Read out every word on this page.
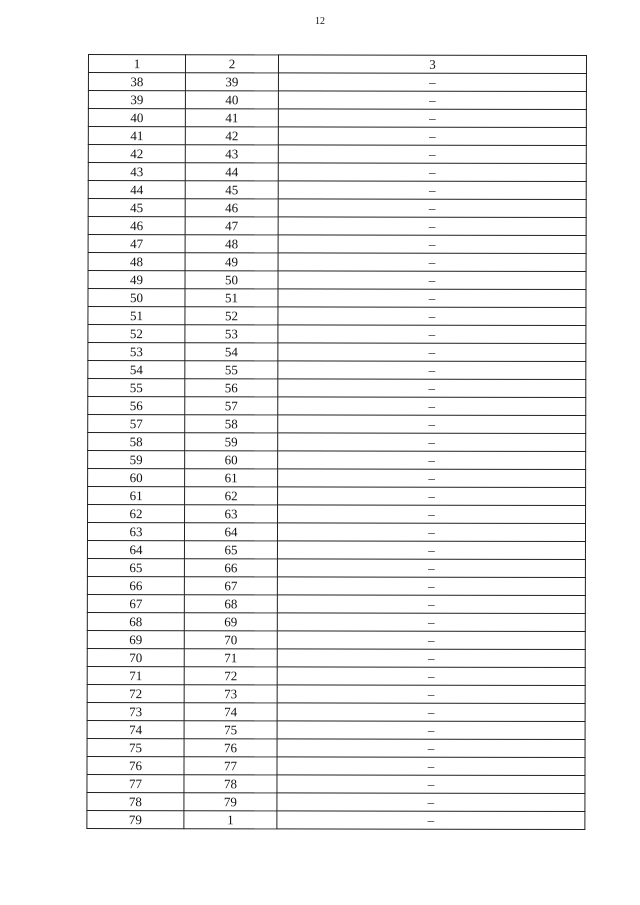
12
1	2	3
38	39	–
39	40	–
40	41	–
41	42	–
42	43	–
43	44	–
44	45	–
45	46	–
46	47	–
47	48	–
48	49	–
49	50	–
50	51	–
51	52	–
52	53	–
53	54	–
54	55	–
55	56	–
56	57	–
57	58	–
58	59	–
59	60	–
60	61	–
61	62	–
62	63	–
63	64	–
64	65	–
65	66	–
66	67	–
67	68	–
68	69	–
69	70	–
70	71	–
71	72	–
72	73	–
73	74	–
74	75	–
75	76	–
76	77	–
77	78	–
78	79	–
79	1	–
